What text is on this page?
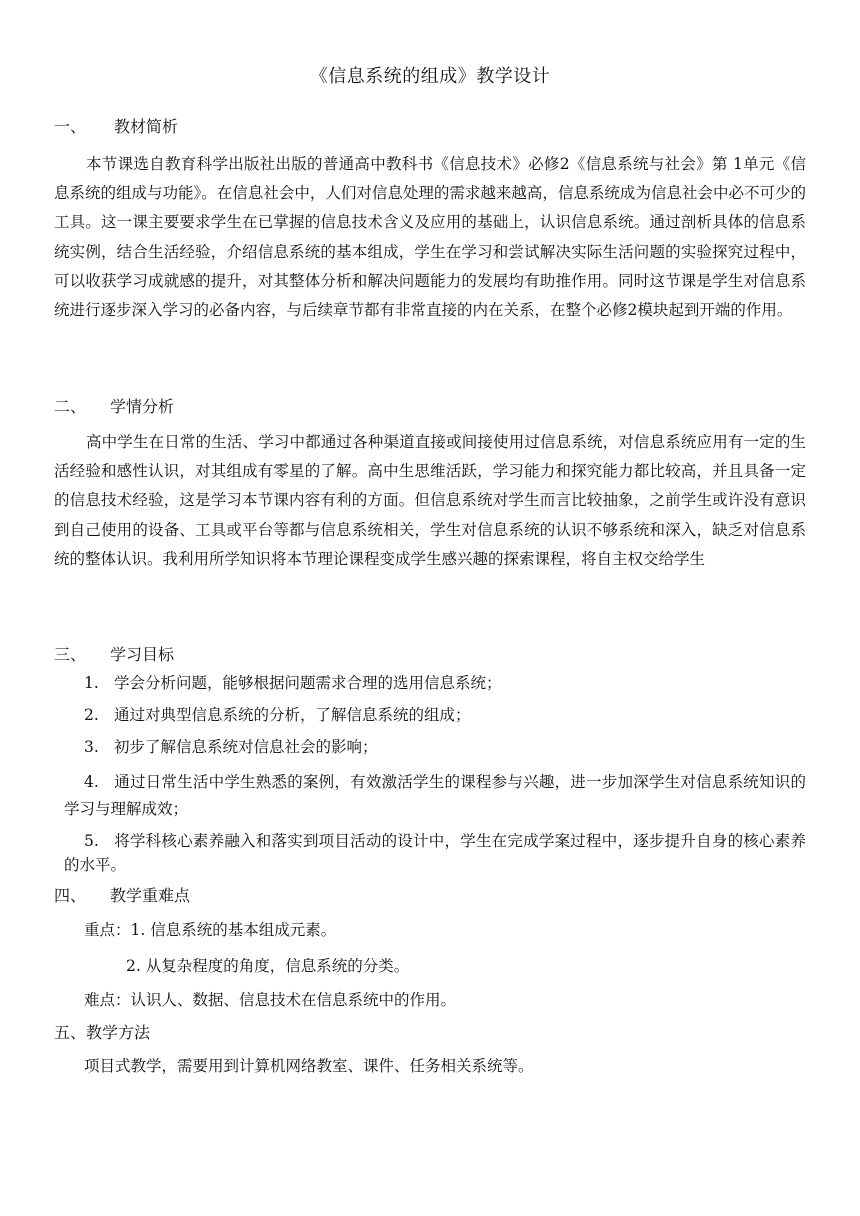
《信息系统的组成》教学设计
一、 教材简析

本节课选自教育科学出版社出版的普通高中教科书《信息技术》必修2《信息系统与社会》第 1单元《信息系统的组成与功能》。在信息社会中，人们对信息处理的需求越来越高，信息系统成为信息社会中必不可少的工具。这一课主要要求学生在已掌握的信息技术含义及应用的基础上，认识信息系统。通过剖析具体的信息系统实例，结合生活经验，介绍信息系统的基本组成，学生在学习和尝试解决实际生活问题的实验探究过程中，可以收获学习成就感的提升，对其整体分析和解决问题能力的发展均有助推作用。同时这节课是学生对信息系统进行逐步深入学习的必备内容，与后续章节都有非常直接的内在关系，在整个必修2模块起到开端的作用。

二、 学情分析

高中学生在日常的生活、学习中都通过各种渠道直接或间接使用过信息系统，对信息系统应用有一定的生活经验和感性认识，对其组成有零星的了解。高中生思维活跃，学习能力和探究能力都比较高，并且具备一定的信息技术经验，这是学习本节课内容有利的方面。但信息系统对学生而言比较抽象，之前学生或许没有意识到自己使用的设备、工具或平台等都与信息系统相关，学生对信息系统的认识不够系统和深入，缺乏对信息系统的整体认识。我利用所学知识将本节理论课程变成学生感兴趣的探索课程，将自主权交给学生

三、 学习目标

1. 学会分析问题，能够根据问题需求合理的选用信息系统；

2. 通过对典型信息系统的分析，了解信息系统的组成；

3. 初步了解信息系统对信息社会的影响；

4. 通过日常生活中学生熟悉的案例，有效激活学生的课程参与兴趣，进一步加深学生对信息系统知识的学习与理解成效；

5. 将学科核心素养融入和落实到项目活动的设计中，学生在完成学案过程中，逐步提升自身的核心素养的水平。

四、 教学重难点
重点：1. 信息系统的基本组成元素。
2. 从复杂程度的角度，信息系统的分类。
难点：认识人、数据、信息技术在信息系统中的作用。
五、教学方法
项目式教学，需要用到计算机网络教室、课件、任务相关系统等。
